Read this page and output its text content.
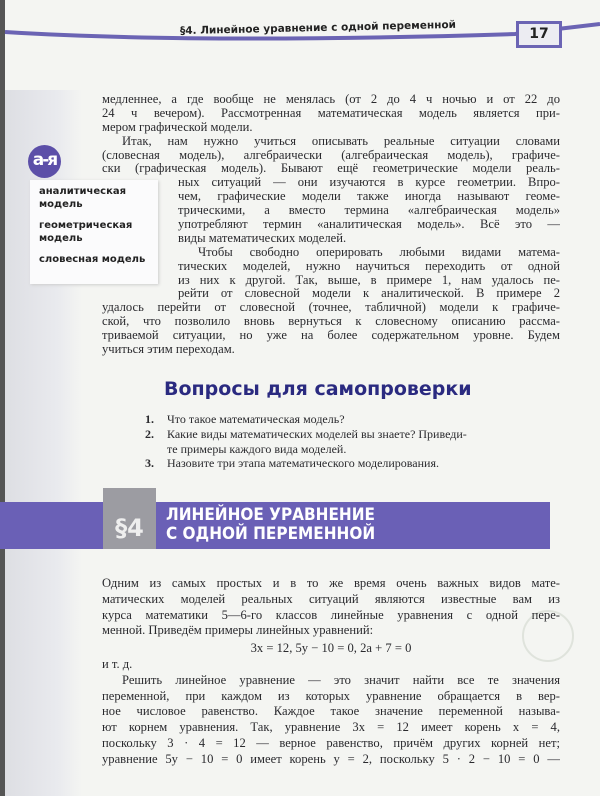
§4. Линейное уравнение с одной переменной	17
а-я
аналитическая модель
геометрическая модель
словесная модель
медленнее, а где вообще не менялась (от 2 до 4 ч ночью и от 22 до
24 ч вечером). Рассмотренная математическая модель является при-
мером графической модели.
Итак, нам нужно учиться описывать реальные ситуации словами
(словесная модель), алгебраически (алгебраическая модель), графиче-
ски (графическая модель). Бывают ещё геометрические модели реаль-
ных ситуаций — они изучаются в курсе геометрии. Впро-
чем, графические модели также иногда называют геоме-
трическими, а вместо термина «алгебраическая модель»
употребляют термин «аналитическая модель». Всё это —
виды математических моделей.
Чтобы свободно оперировать любыми видами матема-
тических моделей, нужно научиться переходить от одной
из них к другой. Так, выше, в примере 1, нам удалось пе-
рейти от словесной модели к аналитической. В примере 2
удалось перейти от словесной (точнее, табличной) модели к графиче-
ской, что позволило вновь вернуться к словесному описанию рассма-
триваемой ситуации, но уже на более содержательном уровне. Будем
учиться этим переходам.
Вопросы для самопроверки
1. Что такое математическая модель?
2. Какие виды математических моделей вы знаете? Приведи-
те примеры каждого вида моделей.
3. Назовите три этапа математического моделирования.
§4	ЛИНЕЙНОЕ УРАВНЕНИЕ
С ОДНОЙ ПЕРЕМЕННОЙ
Одним из самых простых и в то же время очень важных видов мате-
матических моделей реальных ситуаций являются известные вам из
курса математики 5—6-го классов линейные уравнения с одной пере-
менной. Приведём примеры линейных уравнений:
3x = 12, 5y − 10 = 0, 2a + 7 = 0
и т. д.
Решить линейное уравнение — это значит найти все те значения
переменной, при каждом из которых уравнение обращается в вер-
ное числовое равенство. Каждое такое значение переменной называ-
ют корнем уравнения. Так, уравнение 3x = 12 имеет корень x = 4,
поскольку 3 · 4 = 12 — верное равенство, причём других корней нет;
уравнение 5y − 10 = 0 имеет корень y = 2, поскольку 5 · 2 − 10 = 0 —
